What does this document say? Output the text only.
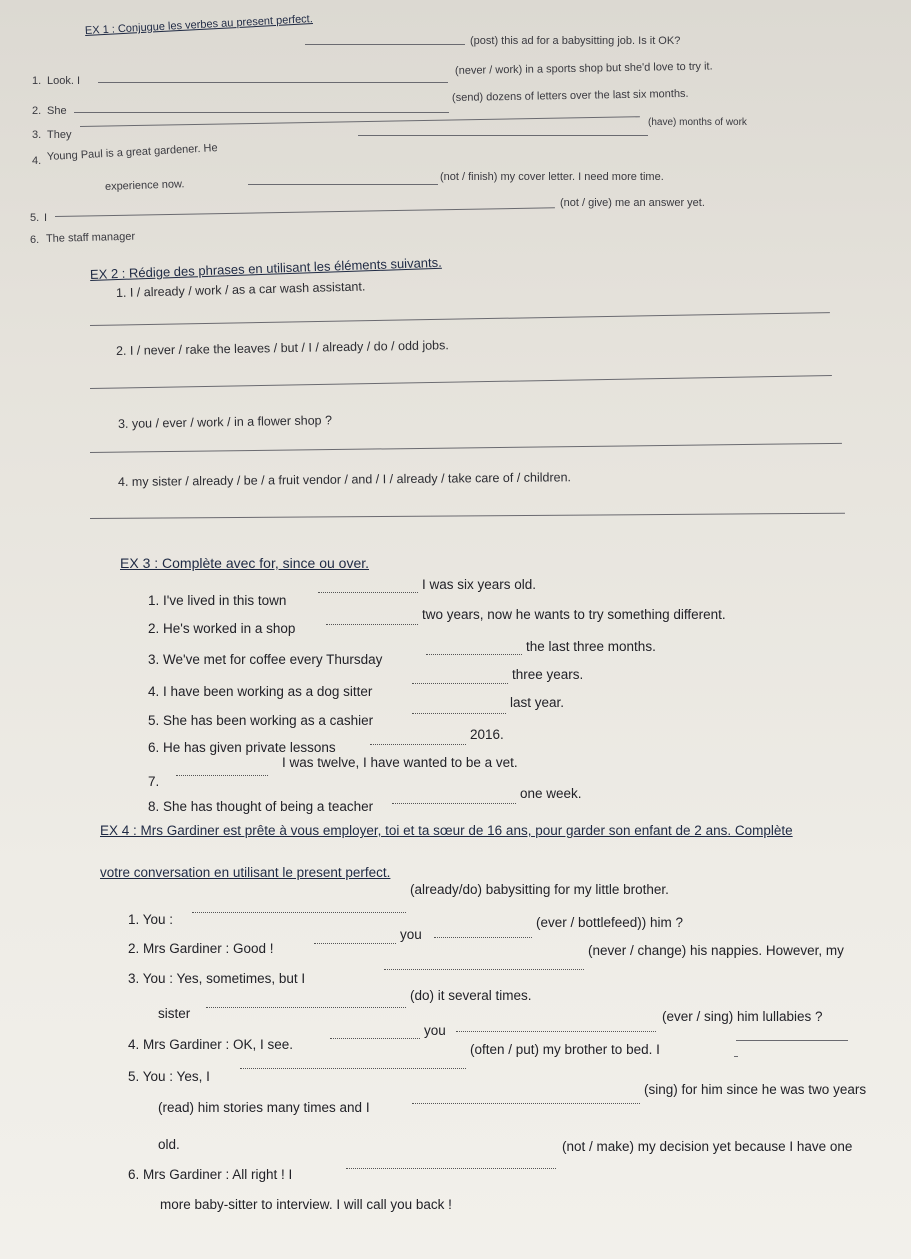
EX 1 : Conjugue les verbes au present perfect.
(post) this ad for a babysitting job. Is it OK?
1. Look. I
(never / work) in a sports shop but she'd love to try it.
2. She
(send) dozens of letters over the last six months.
3. They
(have) months of work
4. Young Paul is a great gardener. He
experience now.
(not / finish) my cover letter. I need more time.
5. I
(not / give) me an answer yet.
6. The staff manager
EX 2 : Rédige des phrases en utilisant les éléments suivants.
1. I / already / work / as a car wash assistant.
2. I / never / rake the leaves / but / I / already / do / odd jobs.
3. you / ever / work / in a flower shop ?
4. my sister / already / be / a fruit vendor / and / I / already / take care of / children.
EX 3 : Complète avec for, since ou over.
1. I've lived in this town
I was six years old.
2. He's worked in a shop
two years, now he wants to try something different.
3. We've met for coffee every Thursday
the last three months.
4. I have been working as a dog sitter
three years.
5. She has been working as a cashier
last year.
6. He has given private lessons
2016.
7.
I was twelve, I have wanted to be a vet.
8. She has thought of being a teacher
one week.
EX 4 : Mrs Gardiner est prête à vous employer, toi et ta sœur de 16 ans, pour garder son enfant de 2 ans. Complète
votre conversation en utilisant le present perfect.
1. You :
(already/do) babysitting for my little brother.
2. Mrs Gardiner : Good !
you
(ever / bottlefeed)) him ?
3. You : Yes, sometimes, but I
(never / change) his nappies. However, my
sister
(do) it several times.
4. Mrs Gardiner : OK, I see.
you
(ever / sing) him lullabies ?
5. You : Yes, I
(often / put) my brother to bed. I
(read) him stories many times and I
(sing) for him since he was two years
old.
6. Mrs Gardiner : All right ! I
(not / make) my decision yet because I have one
more baby-sitter to interview. I will call you back !
